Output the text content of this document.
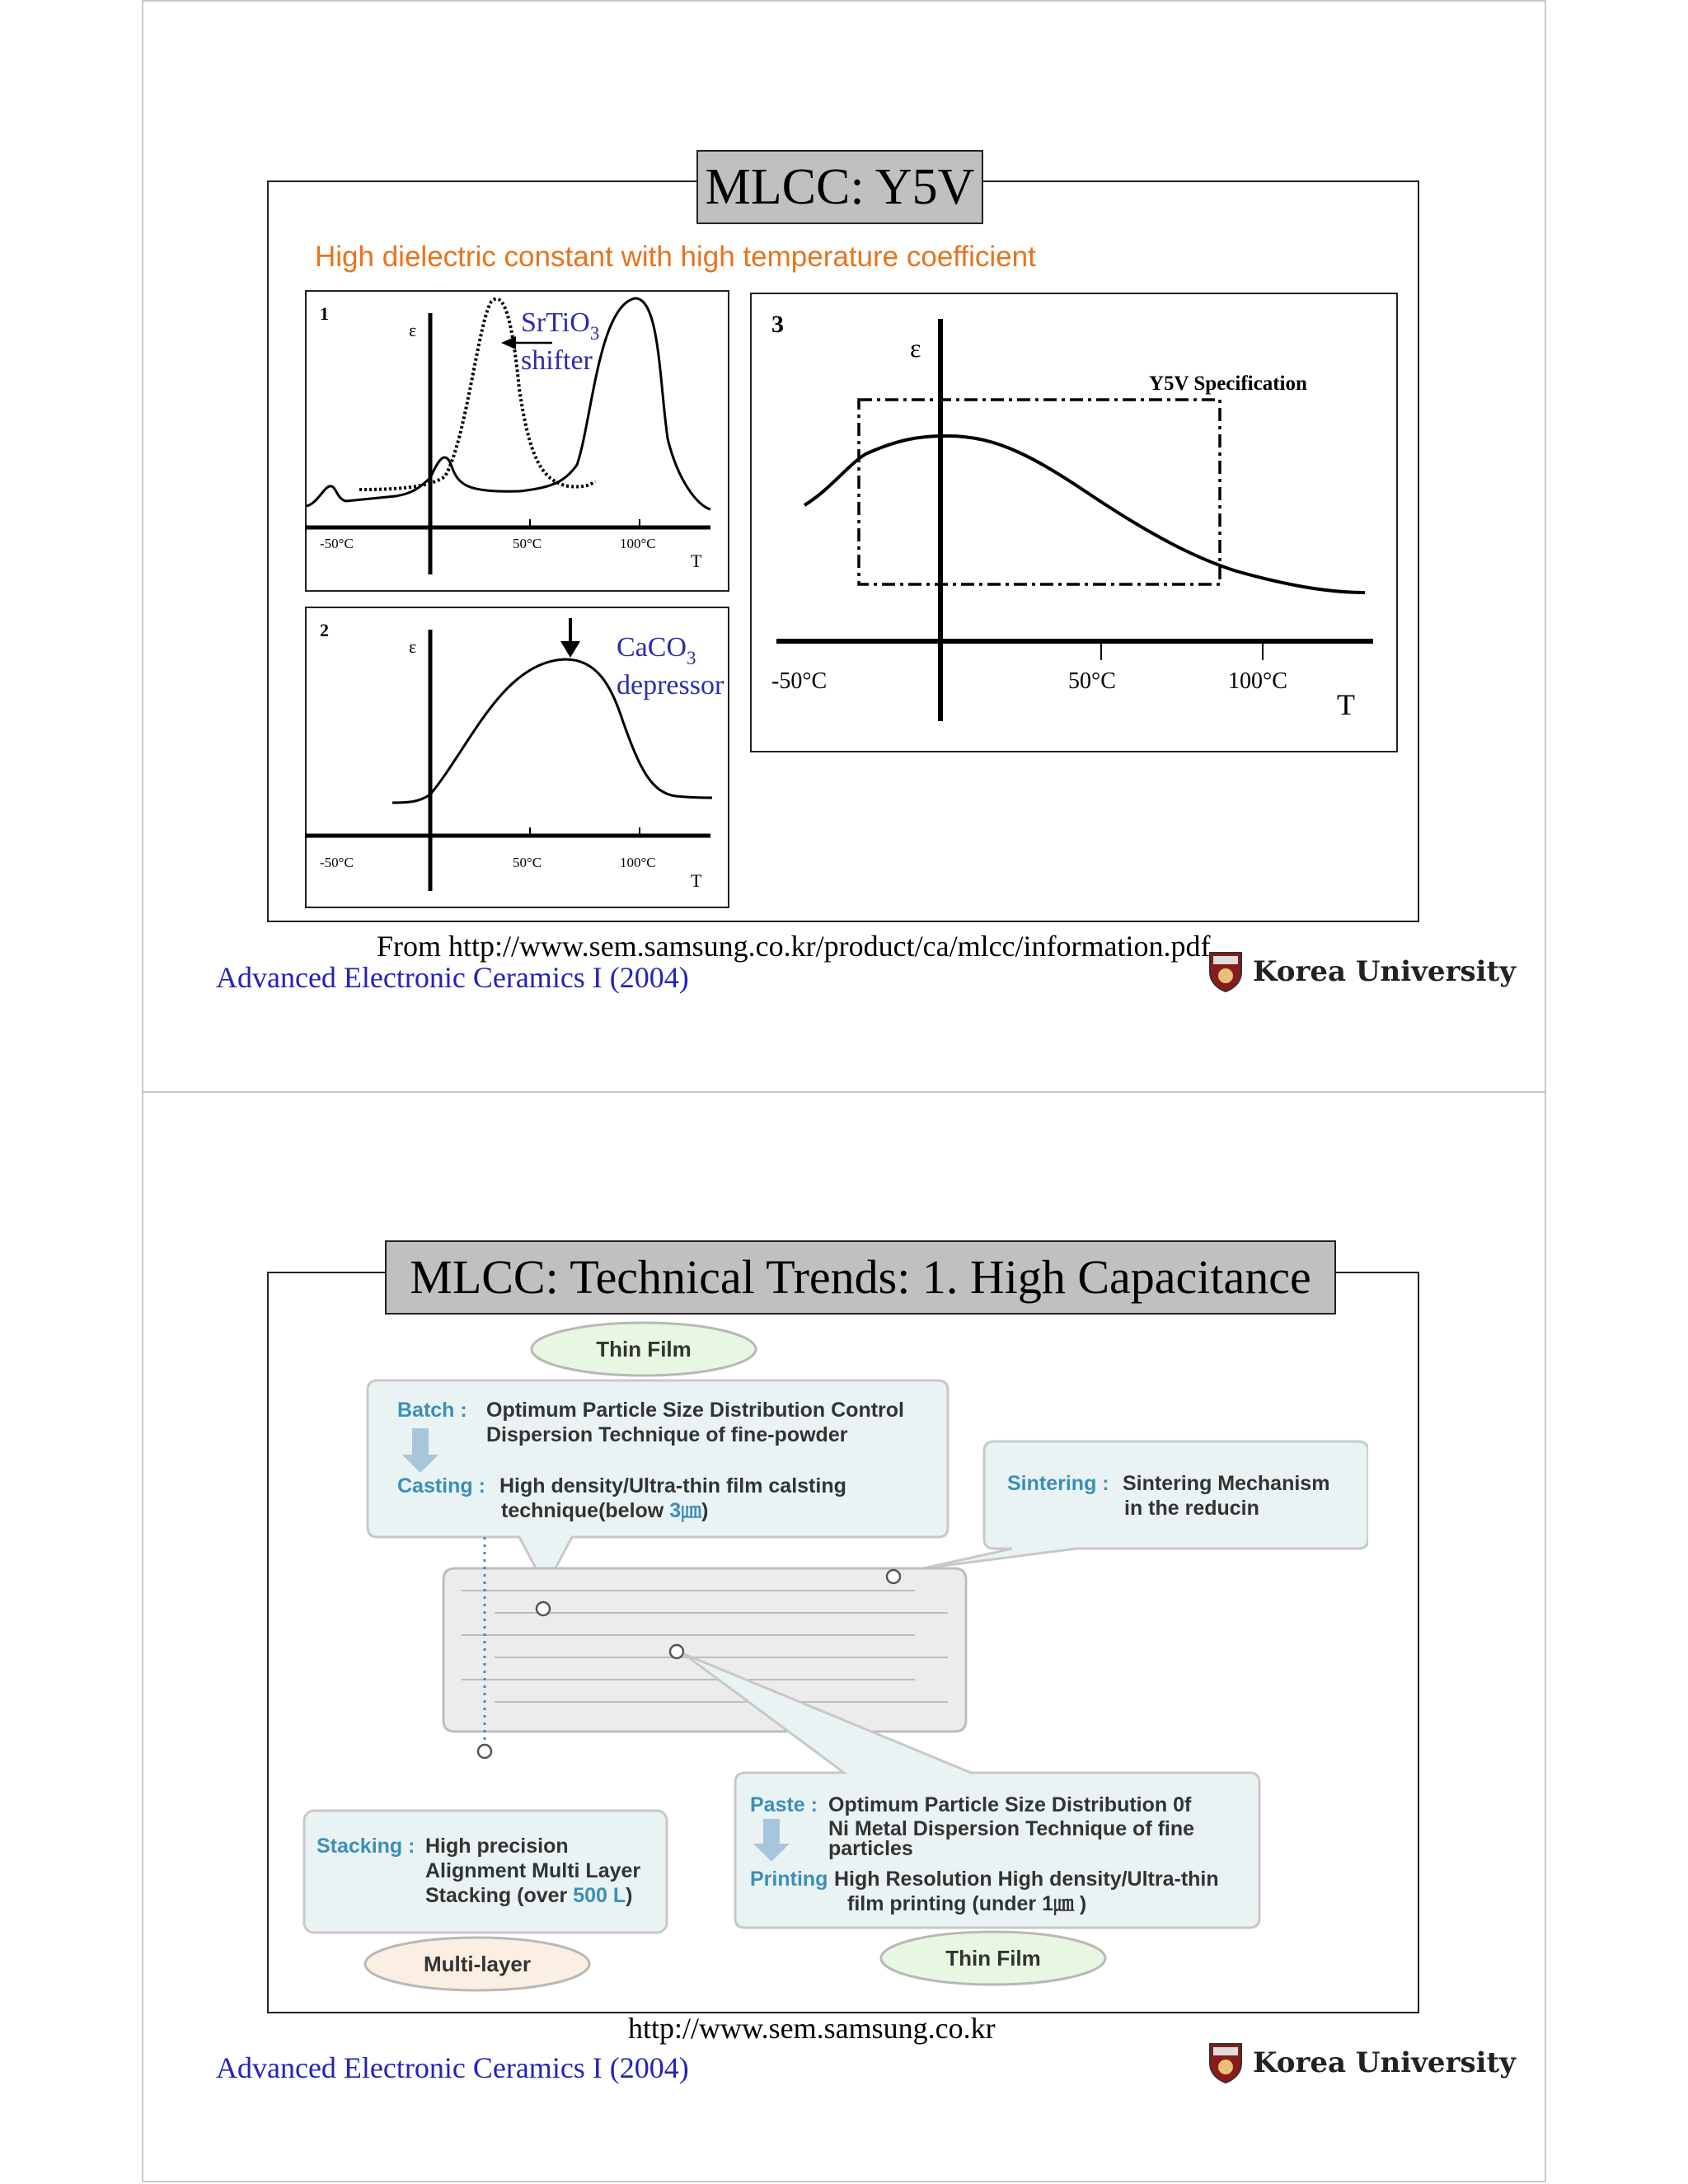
MLCC: Y5V
High dielectric constant with high temperature coefficient
1
ε
-50°C	50°C	100°C
T
SrTiO$_3$
shifter
2
ε
-50°C	50°C	100°C
T
CaCO$_3$
depressor
3
ε
Y5V Specification
-50°C	50°C	100°C
T
From http://www.sem.samsung.co.kr/product/ca/mlcc/information.pdf
Advanced Electronic Ceramics I (2004)	Korea University
MLCC: Technical Trends: 1. High Capacitance
Thin Film
Batch : Optimum Particle Size Distribution Control
Dispersion Technique of fine-powder
Casting : High density/Ultra-thin film calsting
technique(below 3㎛)
Sintering : Sintering Mechanism
in the reducin
Paste : Optimum Particle Size Distribution 0f
Ni Metal Dispersion Technique of fine
particles
Printing :
High Resolution High density/Ultra-thin
film printing (under 1㎛ )
Thin Film
Stacking : High precision
Alignment Multi Layer
Stacking (over 500 L)
Multi-layer
http://www.sem.samsung.co.kr
Advanced Electronic Ceramics I (2004)	Korea University
